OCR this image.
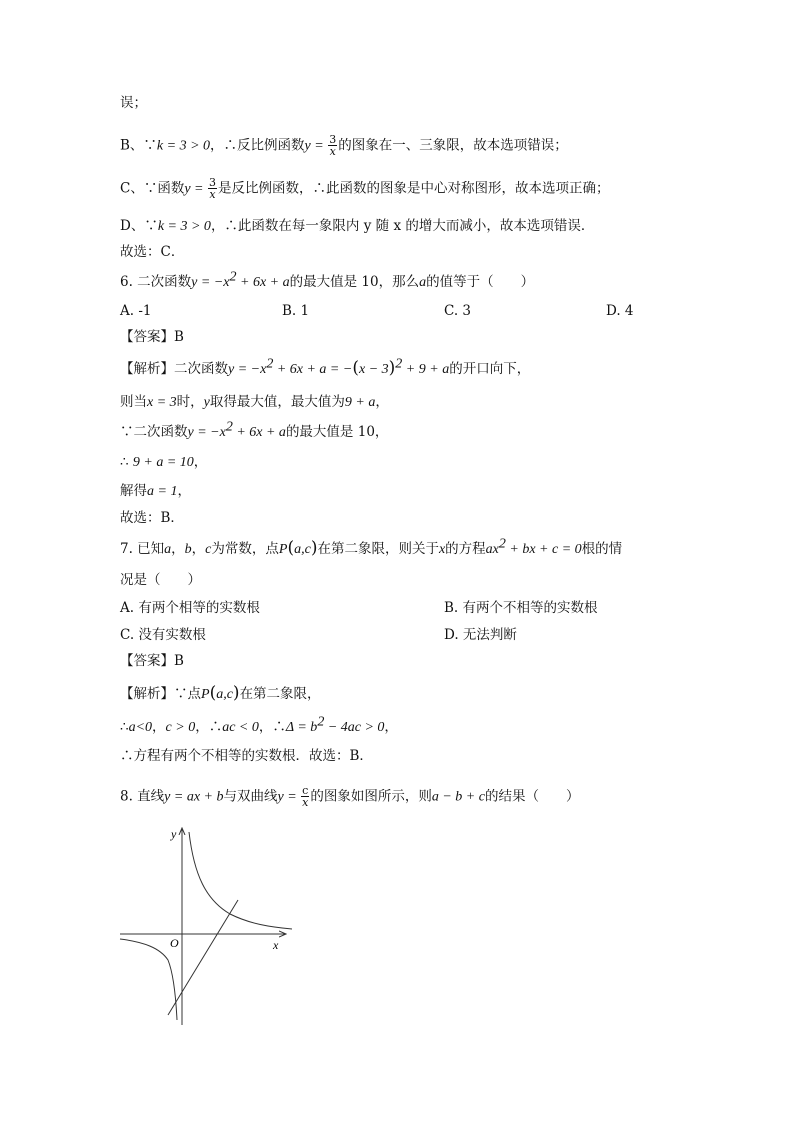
误；
B、∵k = 3 > 0，∴反比例函数$y = \frac{3}{x}$ 的图象在一、三象限，故本选项错误；
C、∵函数$y = \frac{3}{x}$ 是反比例函数，∴此函数的图象是中心对称图形，故本选项正确；
D、∵k = 3 > 0，∴此函数在每一象限内 y 随 x 的增大而减小，故本选项错误．
故选：C．
6. 二次函数$y = -x^2 + 6x + a$的最大值是 10，那么a的值等于（　　）
A. -1	B. 1	C. 3	D. 4
【答案】B
【解析】二次函数$y = -x^2 + 6x + a = -(x - 3)^2 + 9 + a$的开口向下，
则当x = 3时，y取得最大值，最大值为9 + a，
∵二次函数$y = -x^2 + 6x + a$的最大值是 10，
∴ 9 + a = 10，
解得a = 1，
故选：B．
7. 已知a，b，c为常数，点P(a,c)在第二象限，则关于x的方程$ax^2$ + bx + c = 0根的情
况是（　　）
A. 有两个相等的实数根	B. 有两个不相等的实数根
C. 没有实数根	D. 无法判断
【答案】B
【解析】∵点P(a,c)在第二象限，
∴a<0，c > 0，∴ac < 0，∴Δ = $b^2 - 4ac > 0$，
∴方程有两个不相等的实数根．故选：B．
8. 直线y = ax + b与双曲线$y = \frac{c}{x}$ 的图象如图所示，则a − b + c的结果（　　）
y
x
O
